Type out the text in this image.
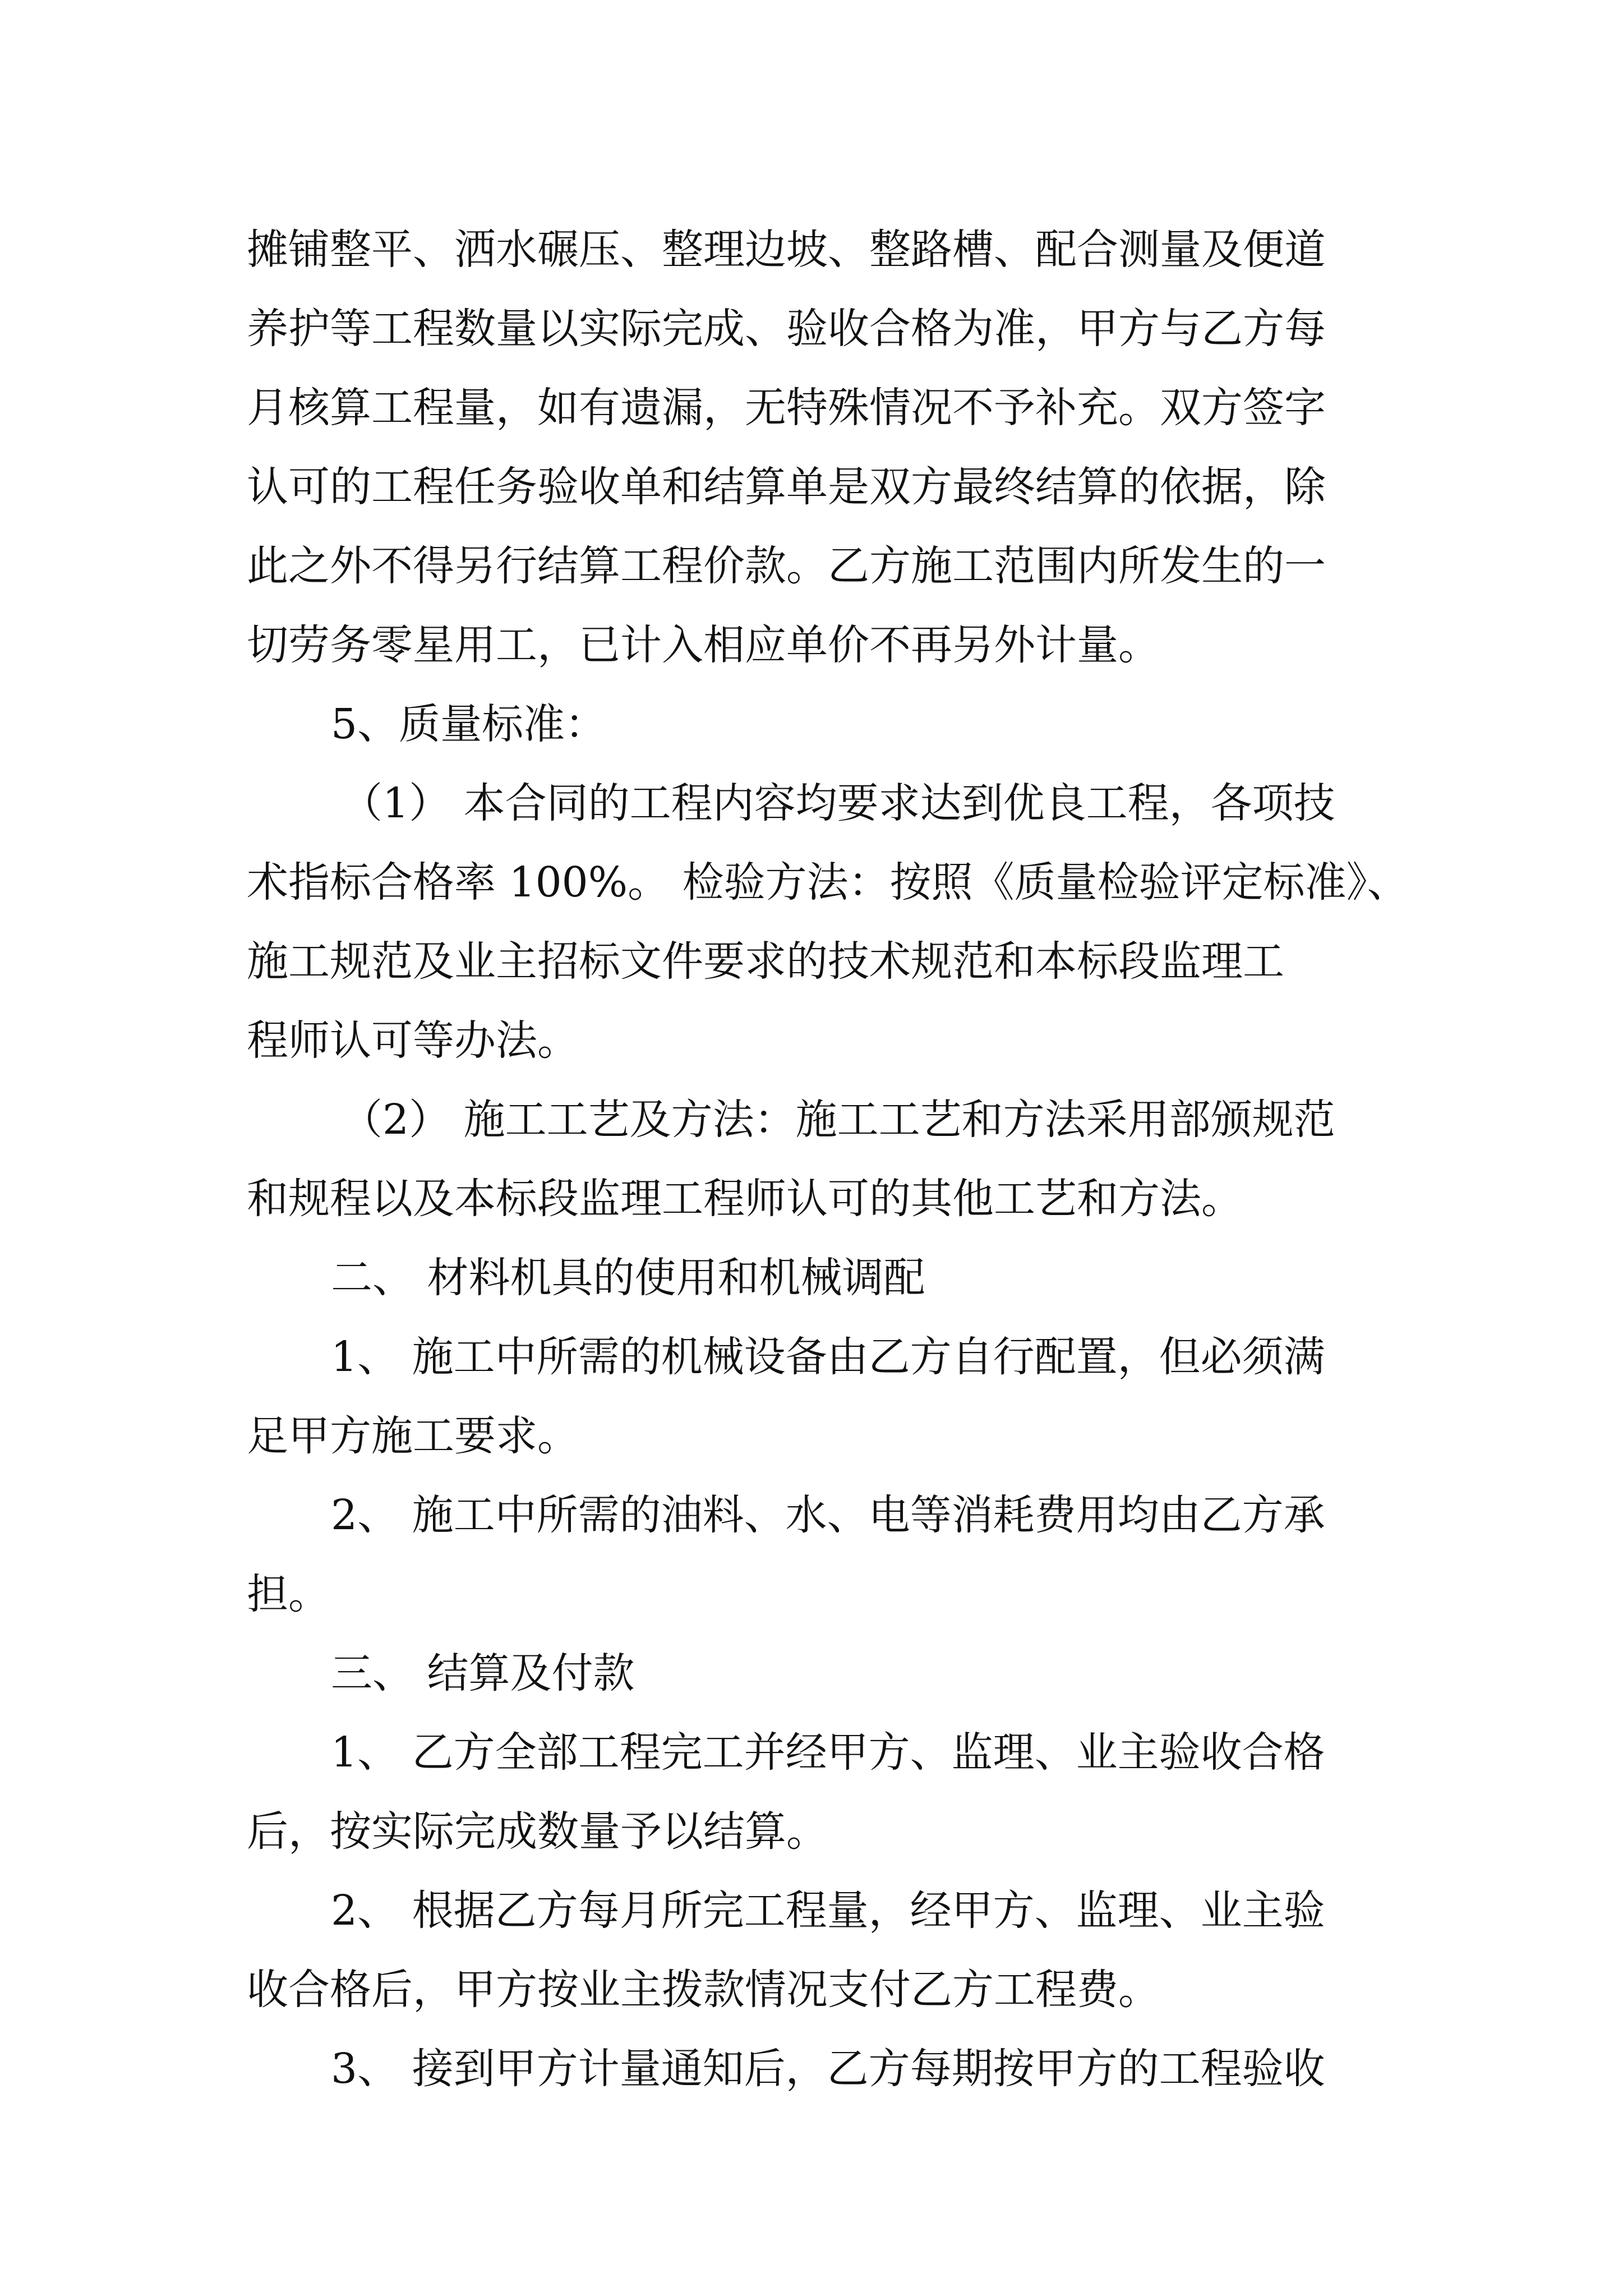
摊铺整平、洒水碾压、整理边坡、整路槽、配合测量及便道
养护等工程数量以实际完成、验收合格为准，甲方与乙方每
月核算工程量，如有遗漏，无特殊情况不予补充。双方签字
认可的工程任务验收单和结算单是双方最终结算的依据，除
此之外不得另行结算工程价款。乙方施工范围内所发生的一
切劳务零星用工，已计入相应单价不再另外计量。
5、质量标准：
（1） 本合同的工程内容均要求达到优良工程，各项技
术指标合格率 100%。 检验方法：按照《质量检验评定标准》、
施工规范及业主招标文件要求的技术规范和本标段监理工
程师认可等办法。
（2） 施工工艺及方法：施工工艺和方法采用部颁规范
和规程以及本标段监理工程师认可的其他工艺和方法。
二、 材料机具的使用和机械调配
1、 施工中所需的机械设备由乙方自行配置，但必须满
足甲方施工要求。
2、 施工中所需的油料、水、电等消耗费用均由乙方承
担。
三、 结算及付款
1、 乙方全部工程完工并经甲方、监理、业主验收合格
后，按实际完成数量予以结算。
2、 根据乙方每月所完工程量，经甲方、监理、业主验
收合格后，甲方按业主拨款情况支付乙方工程费。
3、 接到甲方计量通知后，乙方每期按甲方的工程验收
